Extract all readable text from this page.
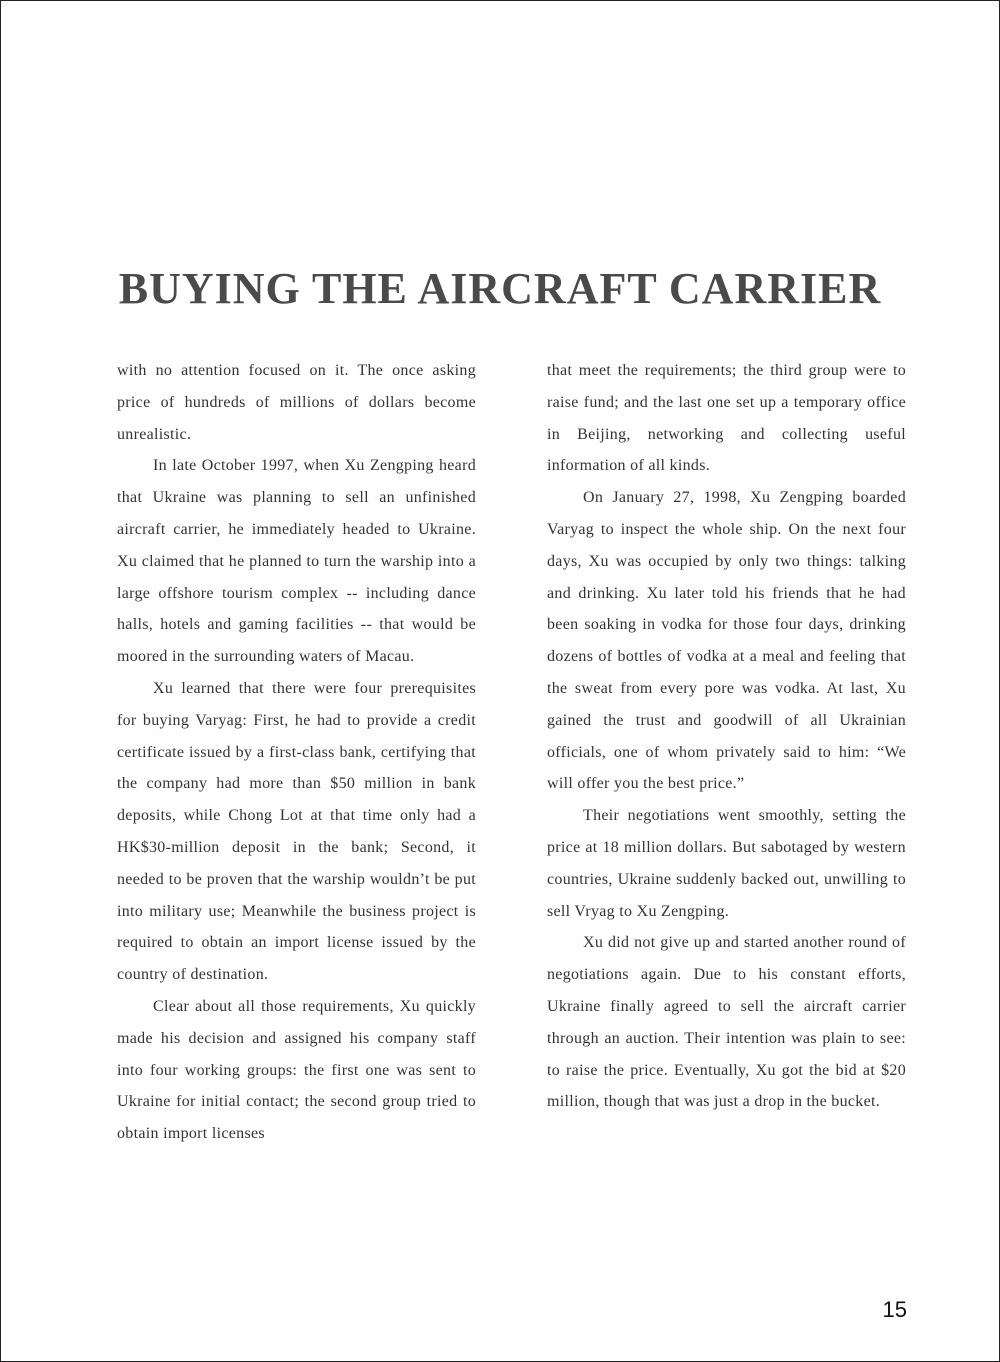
BUYING THE AIRCRAFT CARRIER

with no attention focused on it. The once asking price of hundreds of millions of dollars become unrealistic.

In late October 1997, when Xu Zengping heard that Ukraine was planning to sell an unfinished aircraft carrier, he immediately headed to Ukraine. Xu claimed that he planned to turn the warship into a large offshore tourism complex -- including dance halls, hotels and gaming facilities -- that would be moored in the surrounding waters of Macau.

Xu learned that there were four prerequisites for buying Varyag: First, he had to provide a credit certificate issued by a first-class bank, certifying that the company had more than $50 million in bank deposits, while Chong Lot at that time only had a HK$30-million deposit in the bank; Second, it needed to be proven that the warship wouldn’t be put into military use; Meanwhile the business project is required to obtain an import license issued by the country of destination.

Clear about all those requirements, Xu quickly made his decision and assigned his company staff into four working groups: the first one was sent to Ukraine for initial contact; the second group tried to obtain import licenses

that meet the requirements; the third group were to raise fund; and the last one set up a temporary office in Beijing, networking and collecting useful information of all kinds.

On January 27, 1998, Xu Zengping boarded Varyag to inspect the whole ship. On the next four days, Xu was occupied by only two things: talking and drinking. Xu later told his friends that he had been soaking in vodka for those four days, drinking dozens of bottles of vodka at a meal and feeling that the sweat from every pore was vodka. At last, Xu gained the trust and goodwill of all Ukrainian officials, one of whom privately said to him: “We will offer you the best price.”

Their negotiations went smoothly, setting the price at 18 million dollars. But sabotaged by western countries, Ukraine suddenly backed out, unwilling to sell Vryag to Xu Zengping.

Xu did not give up and started another round of negotiations again. Due to his constant efforts, Ukraine finally agreed to sell the aircraft carrier through an auction. Their intention was plain to see: to raise the price. Eventually, Xu got the bid at $20 million, though that was just a drop in the bucket.

15
